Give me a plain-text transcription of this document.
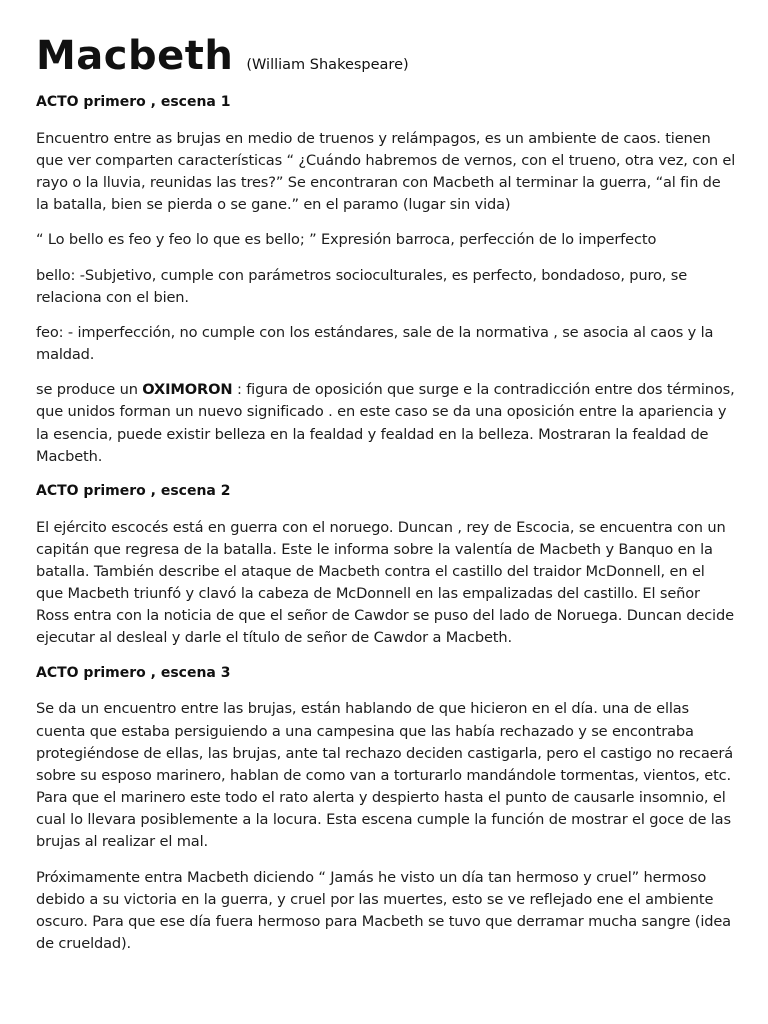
Macbeth (William Shakespeare)
ACTO primero , escena 1

Encuentro entre as brujas en medio de truenos y relámpagos, es un ambiente de caos. tienen que ver comparten características “ ¿Cuándo habremos de vernos, con el trueno, otra vez, con el rayo o la lluvia, reunidas las tres?” Se encontraran con Macbeth al terminar la guerra, “al fin de la batalla, bien se pierda o se gane.” en el paramo (lugar sin vida)

“ Lo bello es feo y feo lo que es bello; ” Expresión barroca, perfección de lo imperfecto

bello: -Subjetivo, cumple con parámetros socioculturales, es perfecto, bondadoso, puro, se relaciona con el bien.

feo: - imperfección, no cumple con los estándares, sale de la normativa , se asocia al caos y la maldad.

se produce un OXIMORON : figura de oposición que surge e la contradicción entre dos términos, que unidos forman un nuevo significado . en este caso se da una oposición entre la apariencia y la esencia, puede existir belleza en la fealdad y fealdad en la belleza. Mostraran la fealdad de Macbeth.

ACTO primero , escena 2

El ejército escocés está en guerra con el noruego. Duncan , rey de Escocia, se encuentra con un capitán que regresa de la batalla. Este le informa sobre la valentía de Macbeth y Banquo en la batalla. También describe el ataque de Macbeth contra el castillo del traidor McDonnell, en el que Macbeth triunfó y clavó la cabeza de McDonnell en las empalizadas del castillo. El señor Ross entra con la noticia de que el señor de Cawdor se puso del lado de Noruega. Duncan decide ejecutar al desleal y darle el título de señor de Cawdor a Macbeth.

ACTO primero , escena 3

Se da un encuentro entre las brujas, están hablando de que hicieron en el día. una de ellas cuenta que estaba persiguiendo a una campesina que las había rechazado y se encontraba protegiéndose de ellas, las brujas, ante tal rechazo deciden castigarla, pero el castigo no recaerá sobre su esposo marinero, hablan de como van a torturarlo mandándole tormentas, vientos, etc. Para que el marinero este todo el rato alerta y despierto hasta el punto de causarle insomnio, el cual lo llevara posiblemente a la locura. Esta escena cumple la función de mostrar el goce de las brujas al realizar el mal.

Próximamente entra Macbeth diciendo “ Jamás he visto un día tan hermoso y cruel” hermoso debido a su victoria en la guerra, y cruel por las muertes, esto se ve reflejado ene el ambiente oscuro. Para que ese día fuera hermoso para Macbeth se tuvo que derramar mucha sangre (idea de crueldad).
